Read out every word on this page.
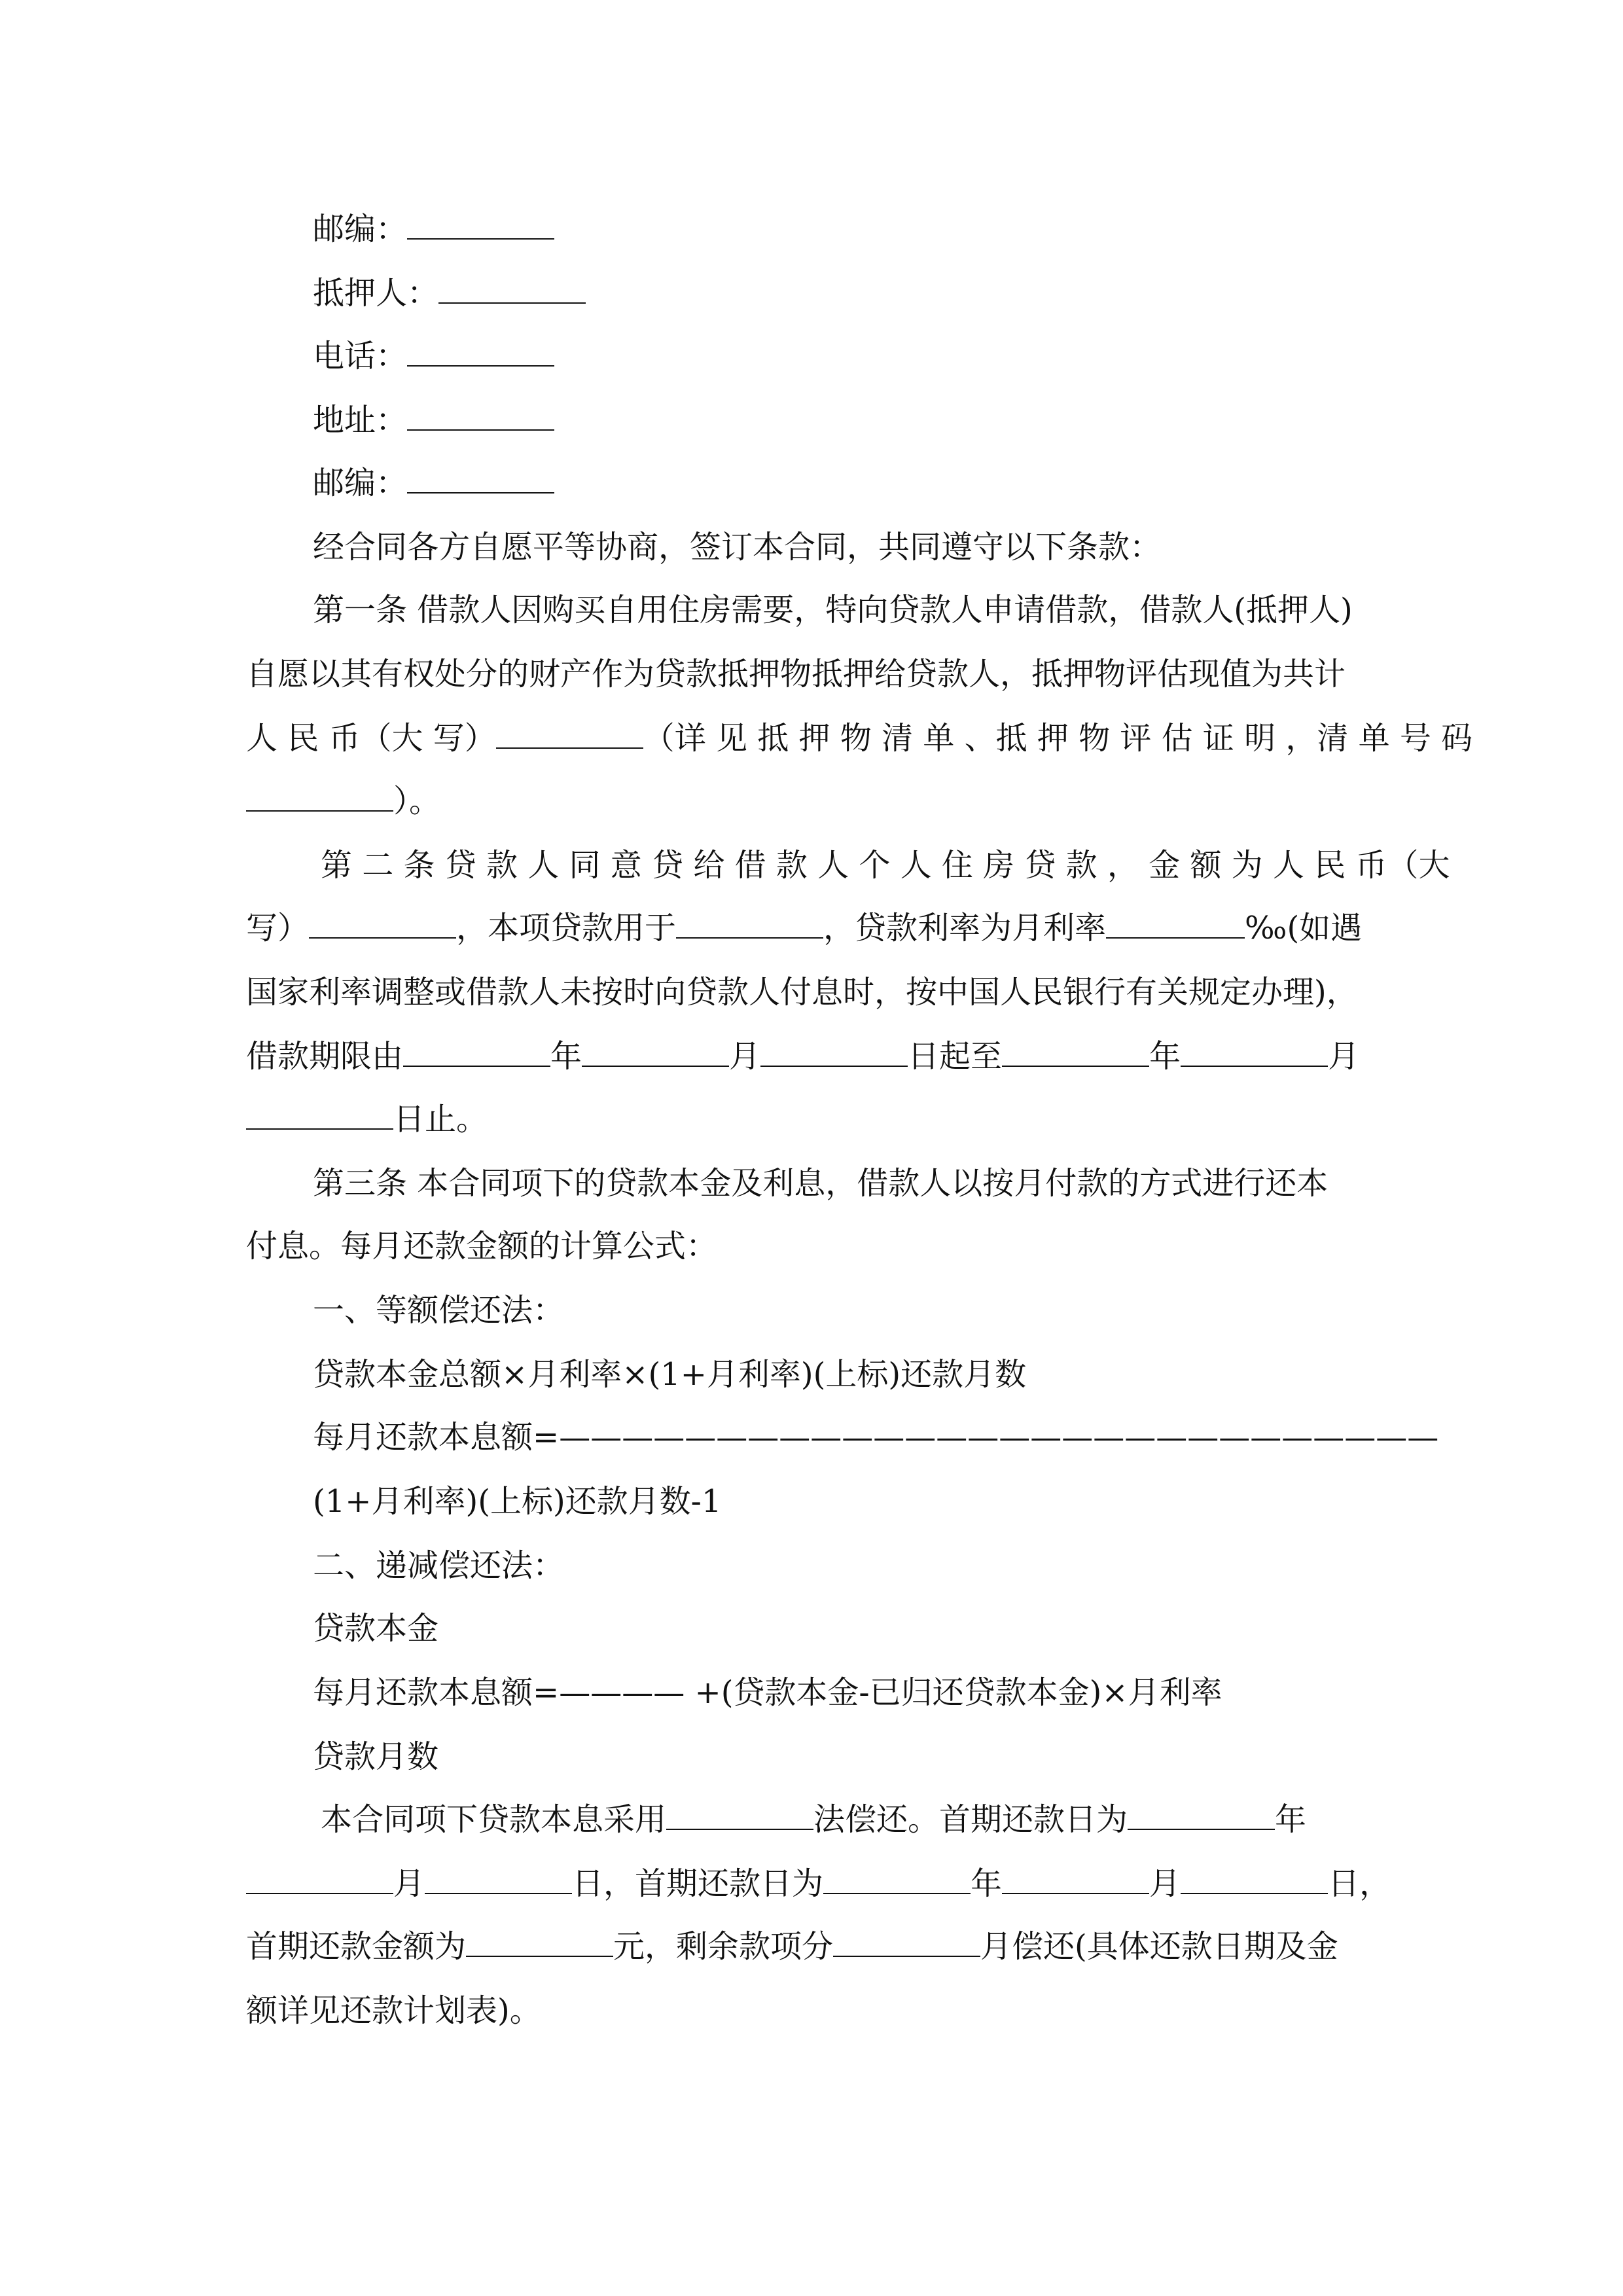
邮编：
抵押人：
电话：
地址：
邮编：
经合同各方自愿平等协商，签订本合同，共同遵守以下条款：
第一条 借款人因购买自用住房需要，特向贷款人申请借款，借款人(抵押人)
自愿以其有权处分的财产作为贷款抵押物抵押给贷款人，抵押物评估现值为共计
人 民 币（大 写）	（详 见 抵 押 物 清 单 、抵 押 物 评 估 证 明 ，清 单 号 码
）。
第 二 条 贷 款 人 同 意 贷 给 借 款 人 个 人 住 房 贷 款 ， 金 额 为 人 民 币（大
写）	，本项贷款用于	，贷款利率为月利率	‰(如遇
国家利率调整或借款人未按时向贷款人付息时，按中国人民银行有关规定办理)，
借款期限由	年	月	日起至	年	月
日止。
第三条 本合同项下的贷款本金及利息，借款人以按月付款的方式进行还本
付息。每月还款金额的计算公式：
一、等额偿还法：
贷款本金总额×月利率×(1+月利率)(上标)还款月数
每月还款本息额=————————————————————————————
(1+月利率)(上标)还款月数-1
二、递减偿还法：
贷款本金
每月还款本息额=———— +(贷款本金-已归还贷款本金)×月利率
贷款月数
本合同项下贷款本息采用	法偿还。首期还款日为	年
月	日，首期还款日为	年	月	日，
首期还款金额为	元，剩余款项分	月偿还(具体还款日期及金
额详见还款计划表)。
